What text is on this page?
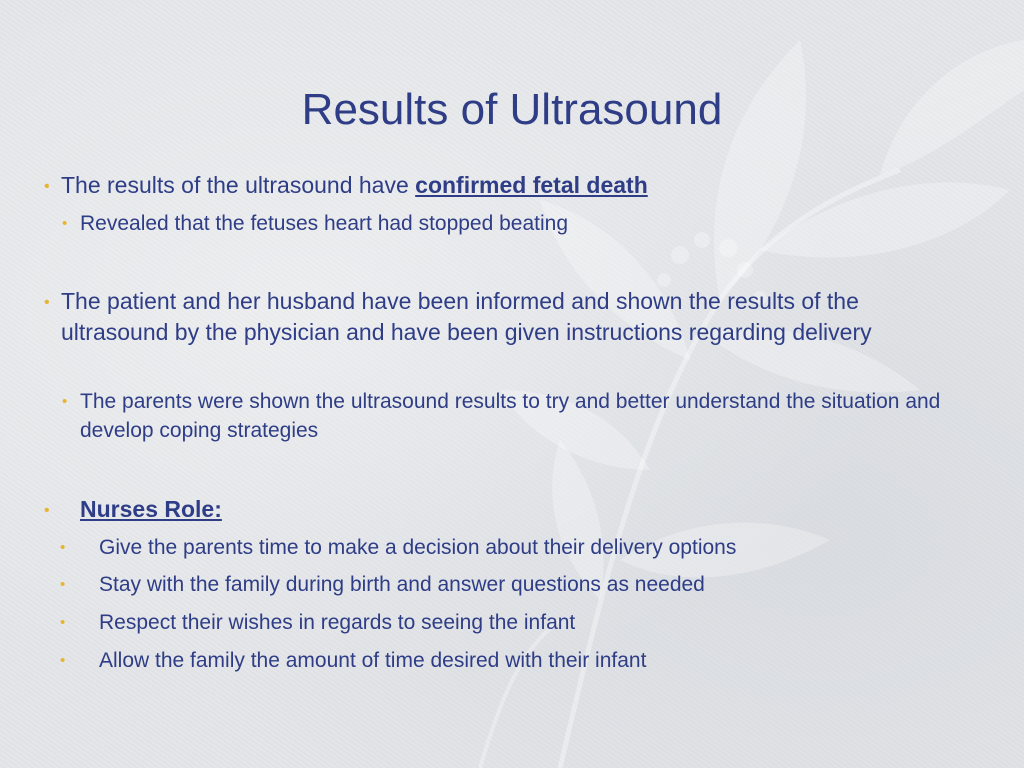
Results of Ultrasound
• The results of the ultrasound have confirmed fetal death
• Revealed that the fetuses heart had stopped beating
• The patient and her husband have been informed and shown the results of the ultrasound by the physician and have been given instructions regarding delivery
• The parents were shown the ultrasound results to try and better understand the situation and develop coping strategies
•	Nurses Role:
•	Give the parents time to make a decision about their delivery options
•	Stay with the family during birth and answer questions as needed
•	Respect their wishes in regards to seeing the infant
•	Allow the family the amount of time desired with their infant
